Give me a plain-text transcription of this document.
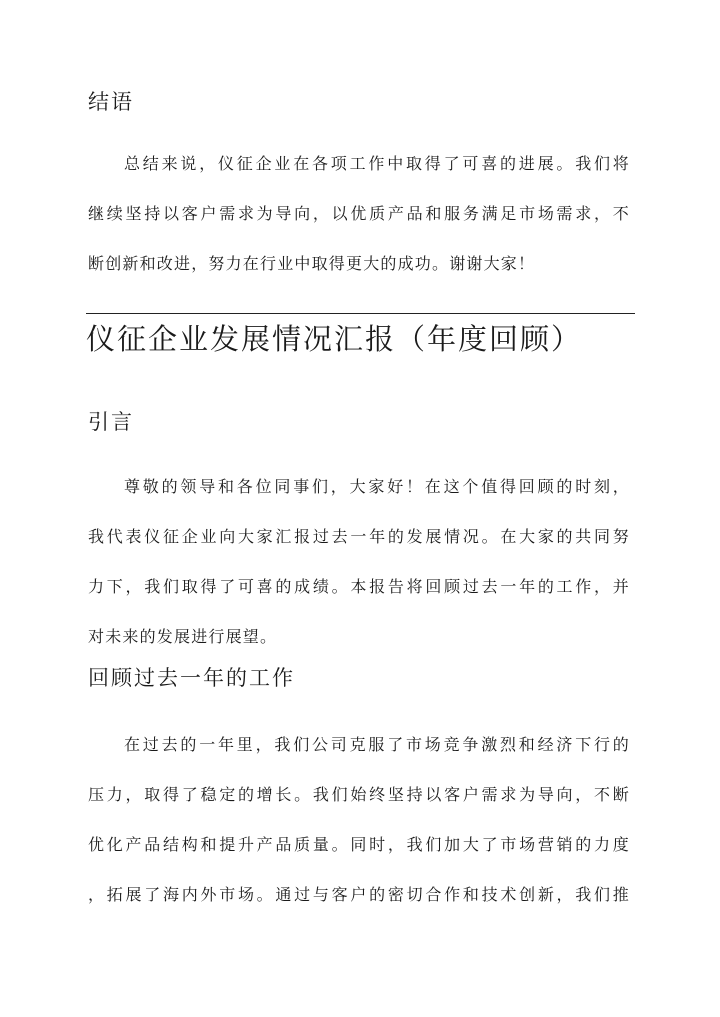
结语
总结来说，仪征企业在各项工作中取得了可喜的进展。我们将
继续坚持以客户需求为导向，以优质产品和服务满足市场需求，不
断创新和改进，努力在行业中取得更大的成功。谢谢大家！
仪征企业发展情况汇报（年度回顾）
引言
尊敬的领导和各位同事们，大家好！在这个值得回顾的时刻，
我代表仪征企业向大家汇报过去一年的发展情况。在大家的共同努
力下，我们取得了可喜的成绩。本报告将回顾过去一年的工作，并
对未来的发展进行展望。
回顾过去一年的工作
在过去的一年里，我们公司克服了市场竞争激烈和经济下行的
压力，取得了稳定的增长。我们始终坚持以客户需求为导向，不断
优化产品结构和提升产品质量。同时，我们加大了市场营销的力度
，拓展了海内外市场。通过与客户的密切合作和技术创新，我们推
